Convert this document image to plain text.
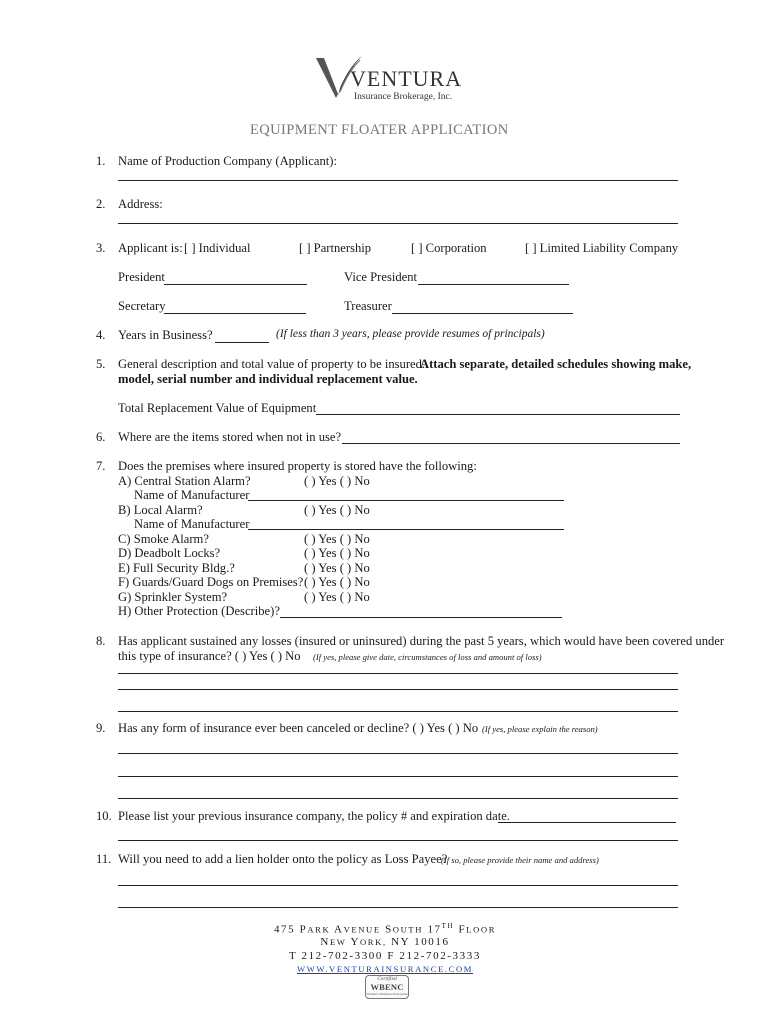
VENTURA
Insurance Brokerage, Inc.
EQUIPMENT FLOATER APPLICATION
1. Name of Production Company (Applicant):
2. Address:
3. Applicant is: [ ] Individual	[ ] Partnership	[ ] Corporation	[ ] Limited Liability Company
President	Vice President
Secretary	Treasurer
4. Years in Business?	(If less than 3 years, please provide resumes of principals)
5. General description and total value of property to be insured.
Attach separate, detailed schedules showing make,
model, serial number and individual replacement value.
Total Replacement Value of Equipment
6. Where are the items stored when not in use?
7. Does the premises where insured property is stored have the following:
A) Central Station Alarm?	( ) Yes ( ) No
Name of Manufacturer
B) Local Alarm?	( ) Yes ( ) No
Name of Manufacturer
C) Smoke Alarm?	( ) Yes ( ) No
D) Deadbolt Locks?	( ) Yes ( ) No
E) Full Security Bldg.?	( ) Yes ( ) No
F) Guards/Guard Dogs on Premises? ( ) Yes ( ) No
G) Sprinkler System?	( ) Yes ( ) No
H) Other Protection (Describe)?
8. Has applicant sustained any losses (insured or uninsured) during the past 5 years, which would have been covered under
this type of insurance? ( ) Yes ( ) No (If yes, please give date, circumstances of loss and amount of loss)
9. Has any form of insurance ever been canceled or decline? ( ) Yes ( ) No (If yes, please explain the reason)
10. Please list your previous insurance company, the policy # and expiration date.
11. Will you need to add a lien holder onto the policy as Loss Payee?
(If so, please provide their name and address)
475 PARK AVENUE SOUTH 17TH FLOOR
NEW YORK, NY 10016
T 212-702-3300 F 212-702-3333
WWW.VENTURAINSURANCE.COM
Certified
WBENC
Women's Business Enterprise
